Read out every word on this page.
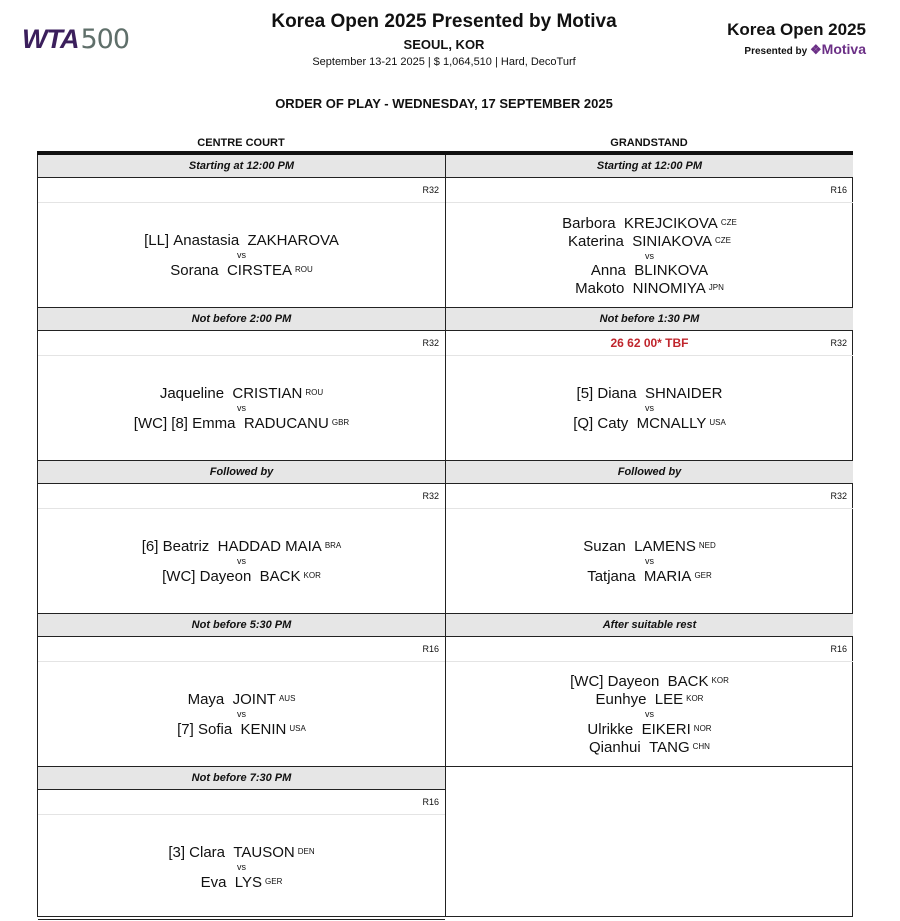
WTA 500
Korea Open 2025 Presented by Motiva
SEOUL, KOR
September 13-21 2025 | $ 1,064,510 | Hard, DecoTurf
Korea Open 2025
Presented by ❖Motiva
ORDER OF PLAY - WEDNESDAY, 17 SEPTEMBER 2025
CENTRE COURT	GRANDSTAND
Starting at 12:00 PM
R32
[LL] Anastasia ZAKHAROVA
vs
Sorana CIRSTEA $^{ROU}$
Not before 2:00 PM
R32
Jaqueline CRISTIAN $^{ROU}$
vs
[WC] [8] Emma RADUCANU $^{GBR}$
Followed by
R32
[6] Beatriz HADDAD MAIA $^{BRA}$
vs
[WC] Dayeon BACK $^{KOR}$
Not before 5:30 PM
R16
Maya JOINT $^{AUS}$
vs
[7] Sofia KENIN $^{USA}$
Not before 7:30 PM
R16
[3] Clara TAUSON $^{DEN}$
vs
Eva LYS $^{GER}$
Starting at 12:00 PM
R16
Barbora KREJCIKOVA $^{CZE}$
Katerina SINIAKOVA $^{CZE}$
vs
Anna BLINKOVA
Makoto NINOMIYA $^{JPN}$
Not before 1:30 PM
26 62 00* TBF	R32
[5] Diana SHNAIDER
vs
[Q] Caty MCNALLY $^{USA}$
Followed by
R32
Suzan LAMENS $^{NED}$
vs
Tatjana MARIA $^{GER}$
After suitable rest
R16
[WC] Dayeon BACK $^{KOR}$
Eunhye LEE $^{KOR}$
vs
Ulrikke EIKERI $^{NOR}$
Qianhui TANG $^{CHN}$
